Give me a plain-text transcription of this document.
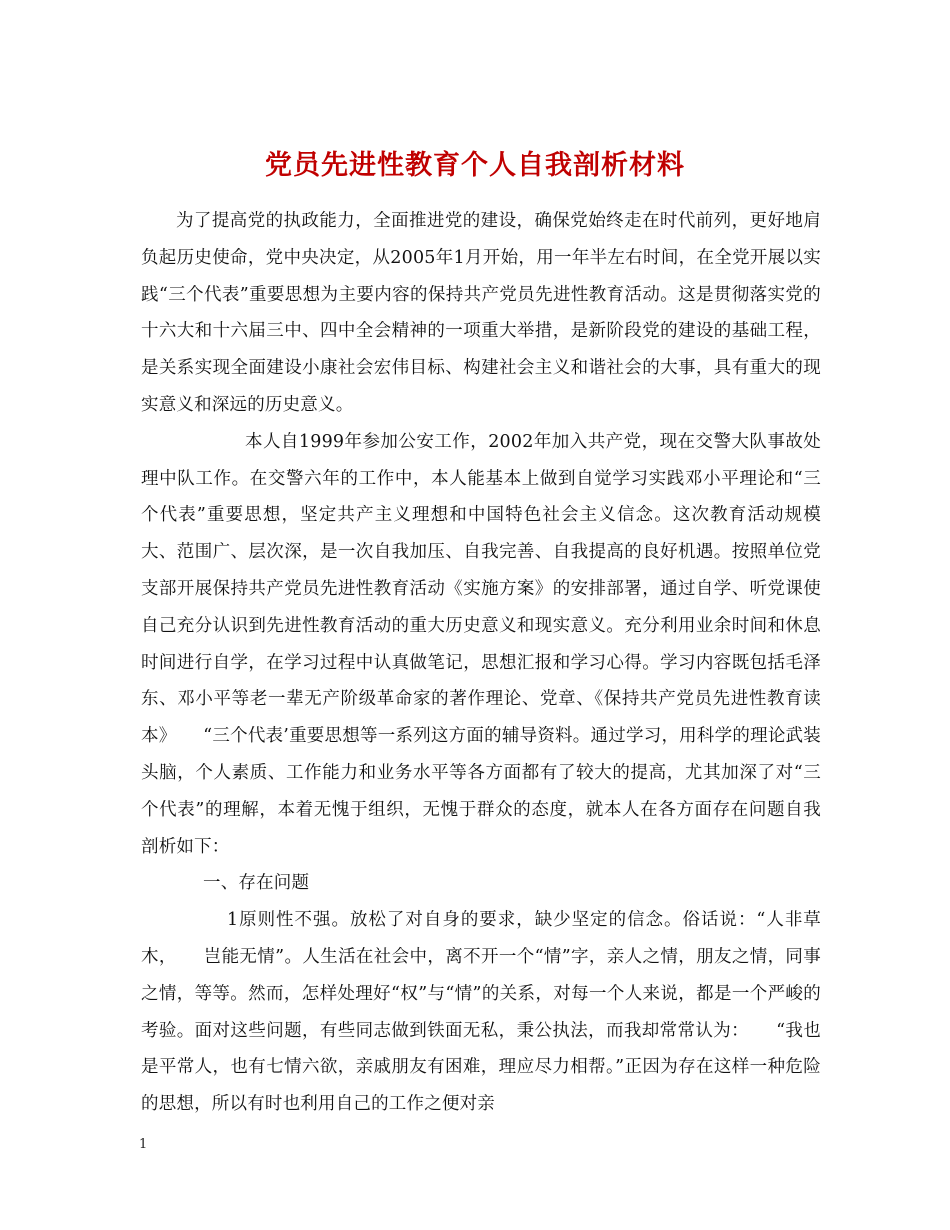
党员先进性教育个人自我剖析材料

为了提高党的执政能力，全面推进党的建设，确保党始终走在时代前列，更好地肩负起历史使命，党中央决定，从2005年1月开始，用一年半左右时间，在全党开展以实践“三个代表”重要思想为主要内容的保持共产党员先进性教育活动。这是贯彻落实党的十六大和十六届三中、四中全会精神的一项重大举措，是新阶段党的建设的基础工程，是关系实现全面建设小康社会宏伟目标、构建社会主义和谐社会的大事，具有重大的现实意义和深远的历史意义。

本人自1999年参加公安工作，2002年加入共产党，现在交警大队事故处理中队工作。在交警六年的工作中，本人能基本上做到自觉学习实践邓小平理论和“三个代表”重要思想，坚定共产主义理想和中国特色社会主义信念。这次教育活动规模大、范围广、层次深，是一次自我加压、自我完善、自我提高的良好机遇。按照单位党支部开展保持共产党员先进性教育活动《实施方案》的安排部署，通过自学、听党课使自己充分认识到先进性教育活动的重大历史意义和现实意义。充分利用业余时间和休息时间进行自学，在学习过程中认真做笔记，思想汇报和学习心得。学习内容既包括毛泽东、邓小平等老一辈无产阶级革命家的著作理论、党章、《保持共产党员先进性教育读本》　　“三个代表’重要思想等一系列这方面的辅导资料。通过学习，用科学的理论武装头脑，个人素质、工作能力和业务水平等各方面都有了较大的提高，尤其加深了对“三个代表”的理解，本着无愧于组织，无愧于群众的态度，就本人在各方面存在问题自我剖析如下：

一、存在问题

1原则性不强。放松了对自身的要求，缺少坚定的信念。俗话说：“人非草木，　　岂能无情”。人生活在社会中，离不开一个“情”字，亲人之情，朋友之情，同事之情，等等。然而，怎样处理好“权”与“情”的关系，对每一个人来说，都是一个严峻的考验。面对这些问题，有些同志做到铁面无私，秉公执法，而我却常常认为：　　“我也是平常人，也有七情六欲，亲戚朋友有困难，理应尽力相帮。”正因为存在这样一种危险的思想，所以有时也利用自己的工作之便对亲

1
